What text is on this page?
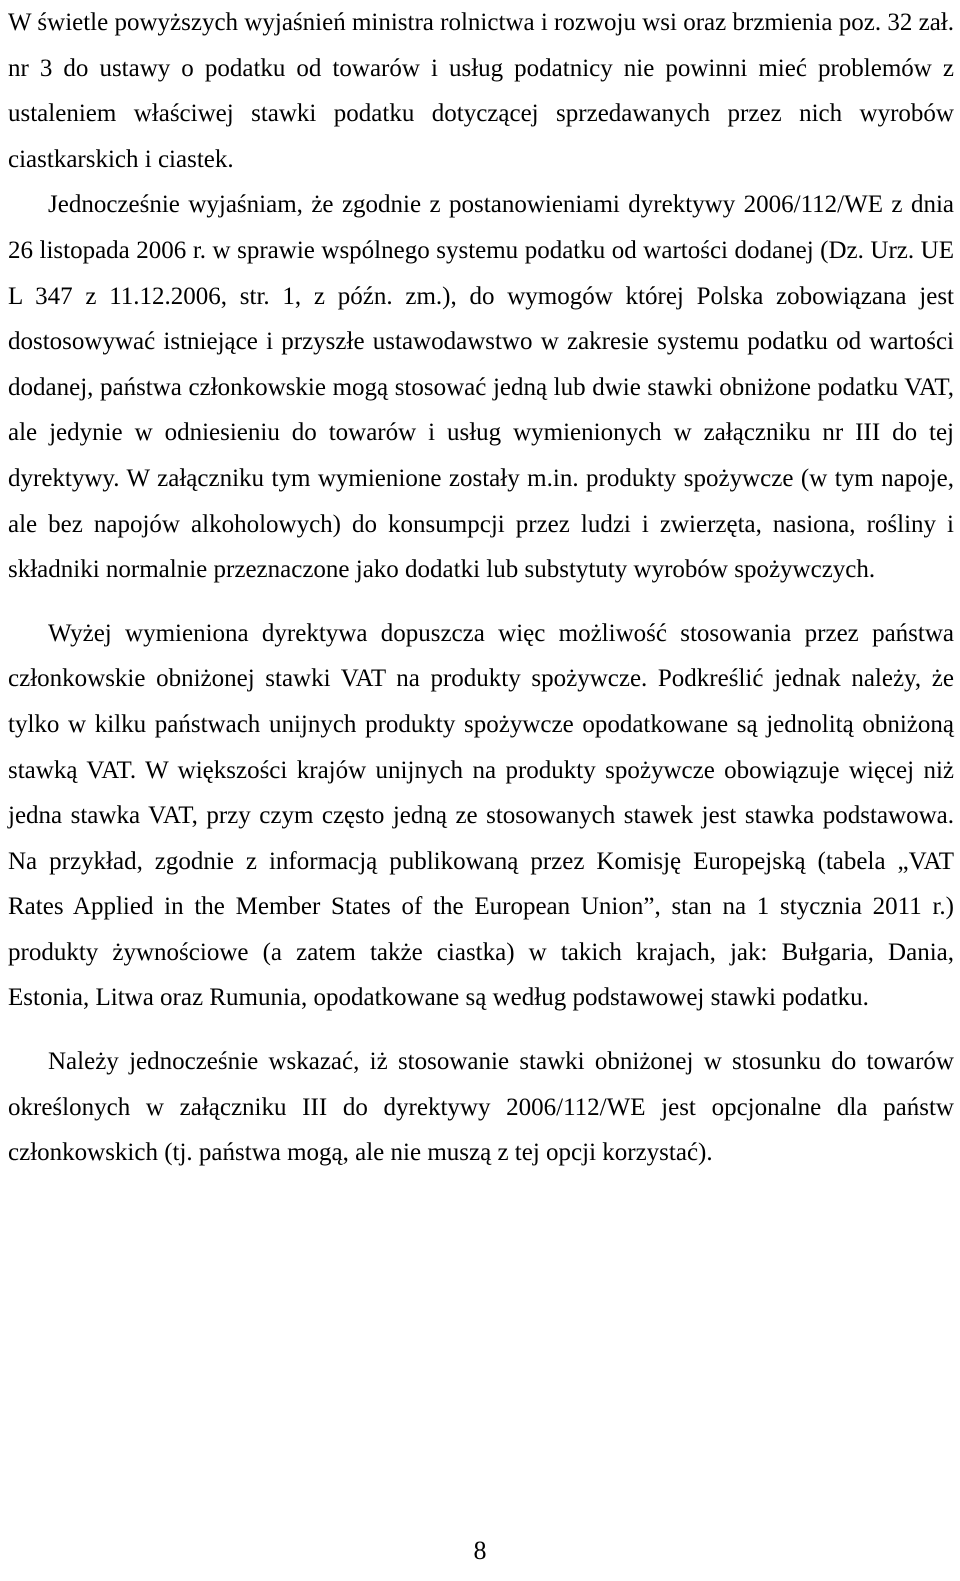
W świetle powyższych wyjaśnień ministra rolnictwa i rozwoju wsi oraz brzmienia poz. 32 zał. nr 3 do ustawy o podatku od towarów i usług podatnicy nie powinni mieć problemów z ustaleniem właściwej stawki podatku dotyczącej sprzedawanych przez nich wyrobów ciastkarskich i ciastek.

Jednocześnie wyjaśniam, że zgodnie z postanowieniami dyrektywy 2006/112/WE z dnia 26 listopada 2006 r. w sprawie wspólnego systemu podatku od wartości dodanej (Dz. Urz. UE L 347 z 11.12.2006, str. 1, z późn. zm.), do wymogów której Polska zobowiązana jest dostosowywać istniejące i przyszłe ustawodawstwo w zakresie systemu podatku od wartości dodanej, państwa członkowskie mogą stosować jedną lub dwie stawki obniżone podatku VAT, ale jedynie w odniesieniu do towarów i usług wymienionych w załączniku nr III do tej dyrektywy. W załączniku tym wymienione zostały m.in. produkty spożywcze (w tym napoje, ale bez napojów alkoholowych) do konsumpcji przez ludzi i zwierzęta, nasiona, rośliny i składniki normalnie przeznaczone jako dodatki lub substytuty wyrobów spożywczych.

Wyżej wymieniona dyrektywa dopuszcza więc możliwość stosowania przez państwa członkowskie obniżonej stawki VAT na produkty spożywcze. Podkreślić jednak należy, że tylko w kilku państwach unijnych produkty spożywcze opodatkowane są jednolitą obniżoną stawką VAT. W większości krajów unijnych na produkty spożywcze obowiązuje więcej niż jedna stawka VAT, przy czym często jedną ze stosowanych stawek jest stawka podstawowa. Na przykład, zgodnie z informacją publikowaną przez Komisję Europejską (tabela „VAT Rates Applied in the Member States of the European Union”, stan na 1 stycznia 2011 r.) produkty żywnościowe (a zatem także ciastka) w takich krajach, jak: Bułgaria, Dania, Estonia, Litwa oraz Rumunia, opodatkowane są według podstawowej stawki podatku.

Należy jednocześnie wskazać, iż stosowanie stawki obniżonej w stosunku do towarów określonych w załączniku III do dyrektywy 2006/112/WE jest opcjonalne dla państw członkowskich (tj. państwa mogą, ale nie muszą z tej opcji korzystać).

8
